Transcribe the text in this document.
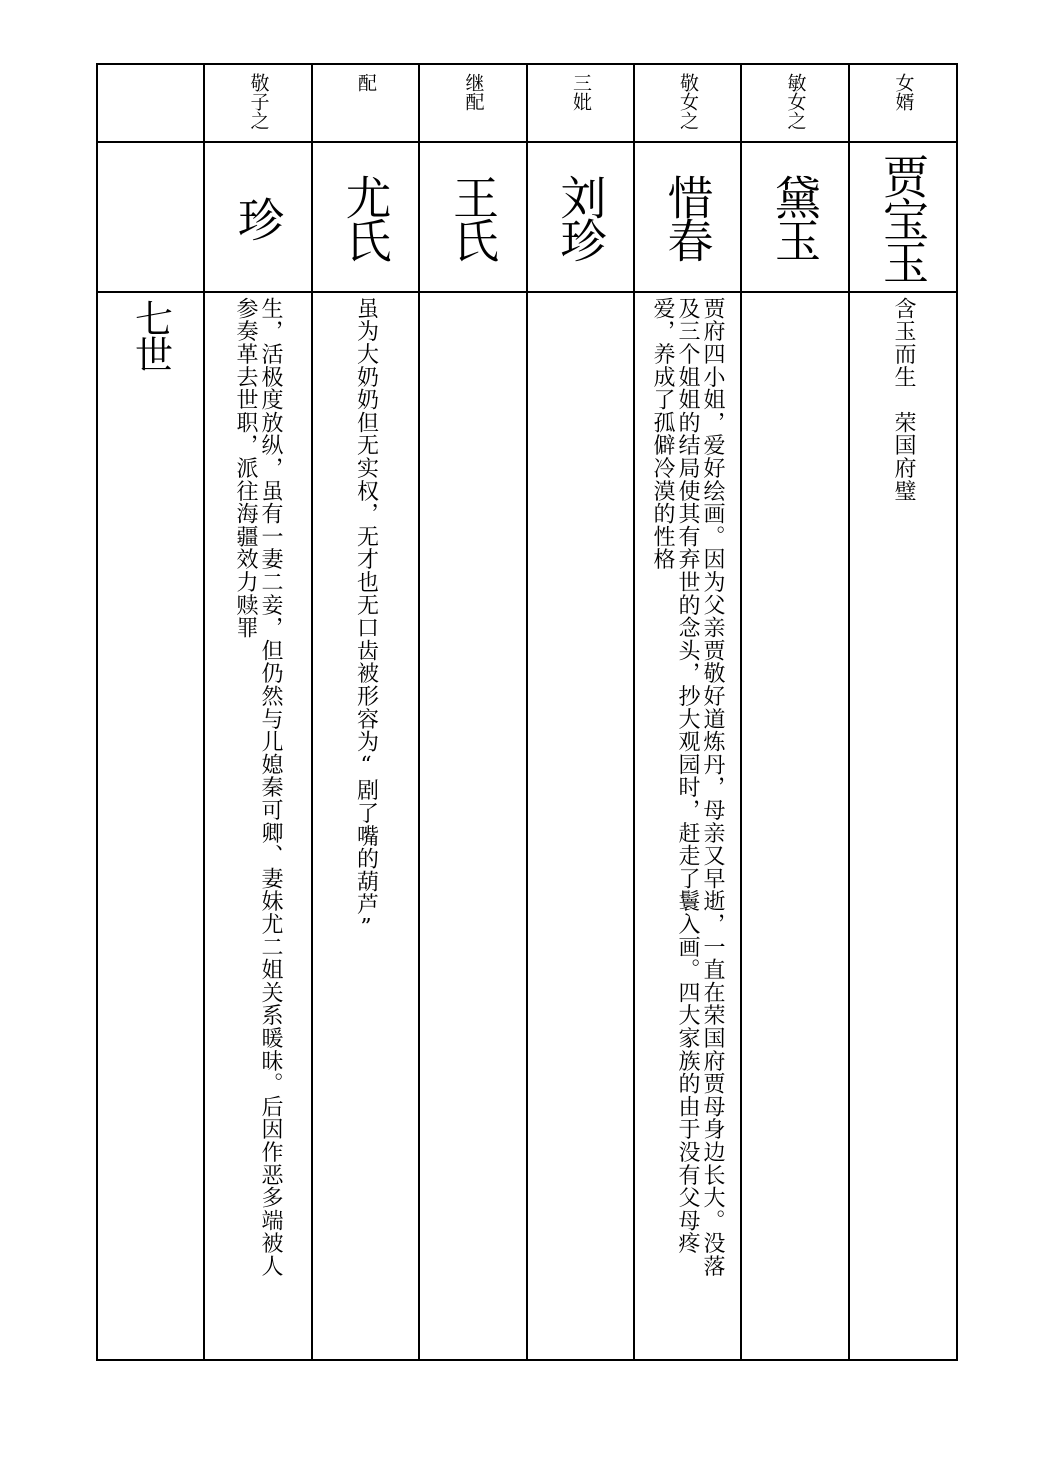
	敬子之	配	继配	三妣	敬女之	敏女之	女婿

	珍	尤氏	王氏	刘珍	惜春	黛玉	贾宝玉

七世	生，活极度放纵，虽有一妻二妾，但仍然与儿媳秦可卿、妻妹尤二姐关系暖昧。后因作恶多端被人参奏革去世职，派往海疆效力赎罪	虽为大奶奶但无实权，无才也无口齿被形容为“剧了嘴的葫芦”			贾府四小姐，爱好绘画。因为父亲贾敬好道炼丹，母亲又早逝，一直在荣国府贾母身边长大。没落及三个姐姐的结局使其有弃世的念头，抄大观园时，赶走了鬟入画。四大家族的由于没有父母疼爱，养成了孤僻冷漠的性格		含玉而生　荣国府璧
